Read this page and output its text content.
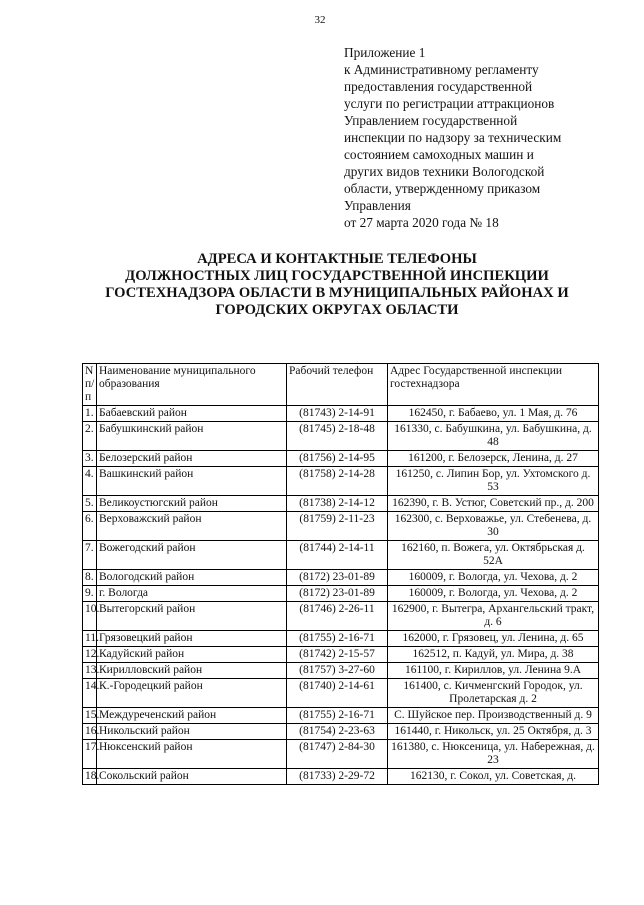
32
Приложение 1
к Административному регламенту
предоставления государственной
услуги по регистрации аттракционов
Управлением государственной
инспекции по надзору за техническим
состоянием самоходных машин и
других видов техники Вологодской
области, утвержденному приказом
Управления
от 27 марта 2020 года № 18
АДРЕСА И КОНТАКТНЫЕ ТЕЛЕФОНЫ
ДОЛЖНОСТНЫХ ЛИЦ ГОСУДАРСТВЕННОЙ ИНСПЕКЦИИ
ГОСТЕХНАДЗОРА ОБЛАСТИ В МУНИЦИПАЛЬНЫХ РАЙОНАХ И
ГОРОДСКИХ ОКРУГАХ ОБЛАСТИ
N п/п	Наименование муниципального образования	Рабочий телефон	Адрес Государственной инспекции гостехнадзора
1.	Бабаевский район	(81743) 2-14-91	162450, г. Бабаево, ул. 1 Мая, д. 76
2.	Бабушкинский район	(81745) 2-18-48	161330, с. Бабушкина, ул. Бабушкина, д. 48
3.	Белозерский район	(81756) 2-14-95	161200, г. Белозерск, Ленина, д. 27
4.	Вашкинский район	(81758) 2-14-28	161250, с. Липин Бор, ул. Ухтомского д. 53
5.	Великоустюгский район	(81738) 2-14-12	162390, г. В. Устюг, Советский пр., д. 200
6.	Верховажский район	(81759) 2-11-23	162300, с. Верховажье, ул. Стебенева, д. 30
7.	Вожегодский район	(81744) 2-14-11	162160, п. Вожега, ул. Октябрьская д. 52А
8.	Вологодский район	(8172) 23-01-89	160009, г. Вологда, ул. Чехова, д. 2
9.	г. Вологда	(8172) 23-01-89	160009, г. Вологда, ул. Чехова, д. 2
10.	Вытегорский район	(81746) 2-26-11	162900, г. Вытегра, Архангельский тракт, д. 6
11.	Грязовецкий район	(81755) 2-16-71	162000, г. Грязовец, ул. Ленина, д. 65
12.	Кадуйский район	(81742) 2-15-57	162512, п. Кадуй, ул. Мира, д. 38
13.	Кирилловский район	(81757) 3-27-60	161100, г. Кириллов, ул. Ленина 9.А
14.	К.-Городецкий район	(81740) 2-14-61	161400, с. Кичменгский Городок, ул. Пролетарская д. 2
15.	Междуреченский район	(81755) 2-16-71	С. Шуйское пер. Производственный д. 9
16.	Никольский район	(81754) 2-23-63	161440, г. Никольск, ул. 25 Октября, д. 3
17.	Нюксенский район	(81747) 2-84-30	161380, с. Нюксеница, ул. Набережная, д. 23
18.	Сокольский район	(81733) 2-29-72	162130, г. Сокол, ул. Советская, д.
